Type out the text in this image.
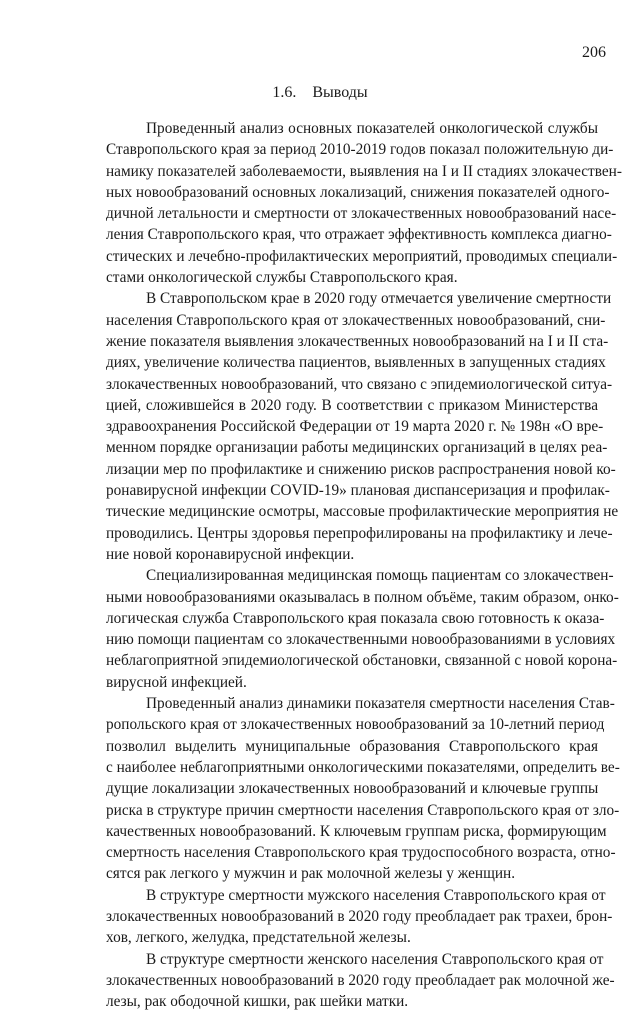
206
1.6. Выводы
Проведенный анализ основных показателей онкологической службы
Ставропольского края за период 2010-2019 годов показал положительную ди-
намику показателей заболеваемости, выявления на I и II стадиях злокачествен-
ных новообразований основных локализаций, снижения показателей одного-
дичной летальности и смертности от злокачественных новообразований насе-
ления Ставропольского края, что отражает эффективность комплекса диагно-
стических и лечебно-профилактических мероприятий, проводимых специали-
стами онкологической службы Ставропольского края.
В Ставропольском крае в 2020 году отмечается увеличение смертности
населения Ставропольского края от злокачественных новообразований, сни-
жение показателя выявления злокачественных новообразований на I и II ста-
диях, увеличение количества пациентов, выявленных в запущенных стадиях
злокачественных новообразований, что связано с эпидемиологической ситуа-
цией, сложившейся в 2020 году. В соответствии с приказом Министерства
здравоохранения Российской Федерации от 19 марта 2020 г. № 198н «О вре-
менном порядке организации работы медицинских организаций в целях реа-
лизации мер по профилактике и снижению рисков распространения новой ко-
ронавирусной инфекции COVID-19» плановая диспансеризация и профилак-
тические медицинские осмотры, массовые профилактические мероприятия не
проводились. Центры здоровья перепрофилированы на профилактику и лече-
ние новой коронавирусной инфекции.
Специализированная медицинская помощь пациентам со злокачествен-
ными новообразованиями оказывалась в полном объёме, таким образом, онко-
логическая служба Ставропольского края показала свою готовность к оказа-
нию помощи пациентам со злокачественными новообразованиями в условиях
неблагоприятной эпидемиологической обстановки, связанной с новой корона-
вирусной инфекцией.
Проведенный анализ динамики показателя смертности населения Став-
ропольского края от злокачественных новообразований за 10-летний период
позволил выделить муниципальные образования Ставропольского края
с наиболее неблагоприятными онкологическими показателями, определить ве-
дущие локализации злокачественных новообразований и ключевые группы
риска в структуре причин смертности населения Ставропольского края от зло-
качественных новообразований. К ключевым группам риска, формирующим
смертность населения Ставропольского края трудоспособного возраста, отно-
сятся рак легкого у мужчин и рак молочной железы у женщин.
В структуре смертности мужского населения Ставропольского края от
злокачественных новообразований в 2020 году преобладает рак трахеи, брон-
хов, легкого, желудка, предстательной железы.
В структуре смертности женского населения Ставропольского края от
злокачественных новообразований в 2020 году преобладает рак молочной же-
лезы, рак ободочной кишки, рак шейки матки.
